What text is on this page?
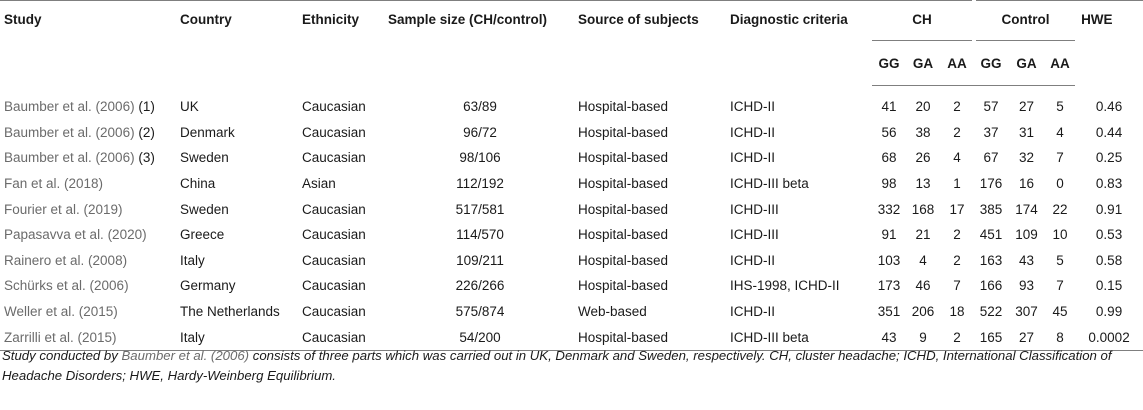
Study	Country	Ethnicity	Sample size (CH/control)	Source of subjects	Diagnostic criteria	CH			Control			HWE
						GG	GA	AA	GG	GA	AA	

Baumber et al. (2006) (1)	UK	Caucasian	63/89	Hospital-based	ICHD-II	41	20	2	57	27	5	0.46
Baumber et al. (2006) (2)	Denmark	Caucasian	96/72	Hospital-based	ICHD-II	56	38	2	37	31	4	0.44
Baumber et al. (2006) (3)	Sweden	Caucasian	98/106	Hospital-based	ICHD-II	68	26	4	67	32	7	0.25
Fan et al. (2018)	China	Asian	112/192	Hospital-based	ICHD-III beta	98	13	1	176	16	0	0.83
Fourier et al. (2019)	Sweden	Caucasian	517/581	Hospital-based	ICHD-III	332	168	17	385	174	22	0.91
Papasavva et al. (2020)	Greece	Caucasian	114/570	Hospital-based	ICHD-III	91	21	2	451	109	10	0.53
Rainero et al. (2008)	Italy	Caucasian	109/211	Hospital-based	ICHD-II	103	4	2	163	43	5	0.58
Schürks et al. (2006)	Germany	Caucasian	226/266	Hospital-based	IHS-1998, ICHD-II	173	46	7	166	93	7	0.15
Weller et al. (2015)	The Netherlands	Caucasian	575/874	Web-based	ICHD-II	351	206	18	522	307	45	0.99
Zarrilli et al. (2015)	Italy	Caucasian	54/200	Hospital-based	ICHD-III beta	43	9	2	165	27	8	0.0002
Study conducted by Baumber et al. (2006) consists of three parts which was carried out in UK, Denmark and Sweden, respectively. CH, cluster headache; ICHD, International Classification of Headache Disorders; HWE, Hardy-Weinberg Equilibrium.
